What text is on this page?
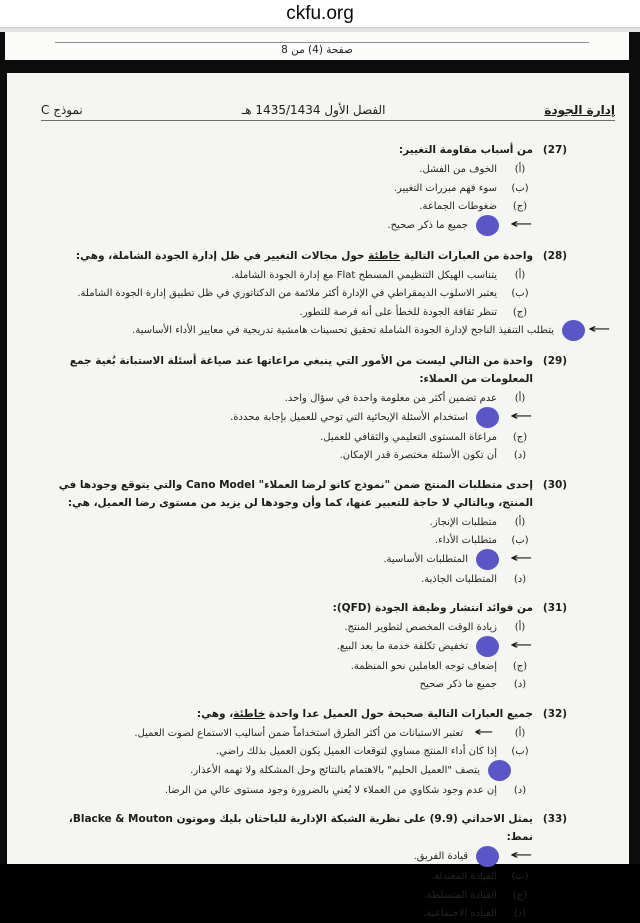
ckfu.org
صفحة (4) من 8
إدارة الجودة
الفصل الأول 1435/1434 هـ
نموذج C
(27)
من أسباب مقاومة التغيير:
(أ)
الخوف من الفشل.
(ب)
سوء فهم مبررات التغيير.
(ج)
ضغوطات الجماعة.
←
جميع ما ذكر صحيح.
(28)
واحدة من العبارات التالية خاطئة حول مجالات التغيير في ظل إدارة الجودة الشاملة، وهي:
(أ)
يتناسب الهيكل التنظيمي المسطح Flat مع إدارة الجودة الشاملة.
(ب)
يعتبر الاسلوب الديمقراطي في الإدارة أكثر ملائمة من الدكتاتوري في ظل تطبيق إدارة الجودة الشاملة.
(ج)
تنظر ثقافة الجودة للخطأ على أنه فرصة للتطور.
←
يتطلب التنفيذ الناجح لإدارة الجودة الشاملة تحقيق تحسينات هامشية تدريجية في معايير الأداء الأساسية.
(29)
واحدة من التالي ليست من الأمور التي ينبغي مراعاتها عند صياغة أسئلة الاستبانة بُغية جمع المعلومات من العملاء:
(أ)
عدم تضمين أكثر من معلومة واحدة في سؤال واحد.
←
استخدام الأسئلة الإيحائية التي توحي للعميل بإجابة محددة.
(ج)
مراعاة المستوى التعليمي والثقافي للعميل.
(د)
أن تكون الأسئلة مختصرة قدر الإمكان.
(30)
إحدى متطلبات المنتج ضمن "نموذج كانو لرضا العملاء" Cano Model والتي يتوقع وجودها في المنتج، وبالتالي لا حاجة للتعبير عنها، كما وأن وجودها لن يزيد من مستوى رضا العميل، هي:
(أ)
متطلبات الإنجاز.
(ب)
متطلبات الأداء.
←
المتطلبات الأساسية.
(د)
المتطلبات الجاذبة.
(31)
من فوائد انتشار وظيفة الجودة (QFD):
(أ)
زيادة الوقت المخصص لتطوير المنتج.
←
تخفيض تكلفة خدمة ما بعد البيع.
(ج)
إضعاف توجه العاملين نحو المنظمة.
(د)
جميع ما ذكر صحيح
(32)
جميع العبارات التالية صحيحة حول العميل عدا واحدة خاطئة، وهي:
(أ)
←
تعتبر الاستبانات من أكثر الطرق استخداماً ضمن أساليب الاستماع لصوت العميل.
(ب)
إذا كان أداء المنتج مساوي لتوقعات العميل يكون العميل بذلك راضي.
يتصف "العميل الحليم" بالاهتمام بالنتائج وحل المشكلة ولا تهمه الأعذار.
(د)
إن عدم وجود شكاوي من العملاء لا يُعني بالضرورة وجود مستوى عالي من الرضا.
(33)
يمثل الاحداثي (9.9) على نظرية الشبكة الإدارية للباحثان بليك وموتون Blacke & Mouton، نمط:
←
قيادة الفريق.
(ب)
القيادة المعتدلة.
(ج)
القيادة المتسلطة.
(د)
القيادة الاجتماعية.
